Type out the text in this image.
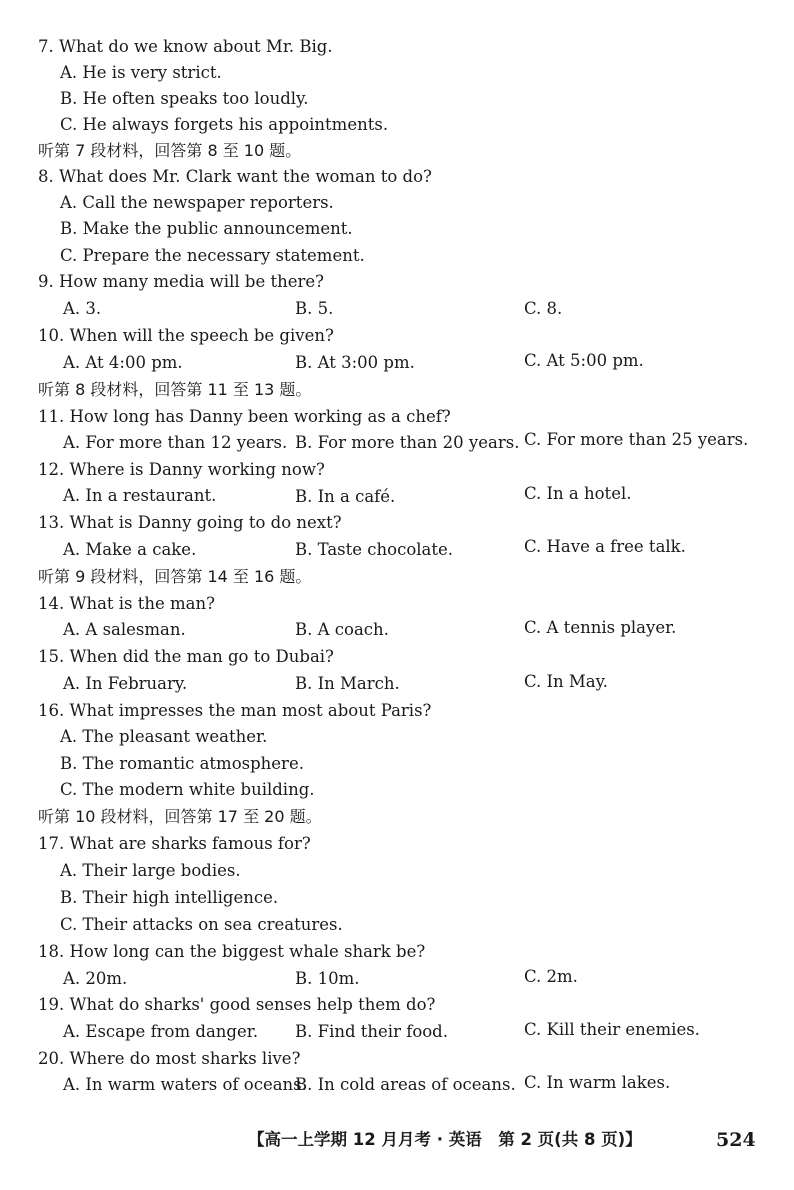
7. What do we know about Mr. Big.
A. He is very strict.
B. He often speaks too loudly.
C. He always forgets his appointments.
听第 7 段材料，回答第 8 至 10 题。
8. What does Mr. Clark want the woman to do?
A. Call the newspaper reporters.
B. Make the public announcement.
C. Prepare the necessary statement.
9. How many media will be there?
A. 3.	B. 5.	C. 8.
10. When will the speech be given?
A. At 4:00 pm.	B. At 3:00 pm.	C. At 5:00 pm.
听第 8 段材料，回答第 11 至 13 题。
11. How long has Danny been working as a chef?
A. For more than 12 years. B. For more than 20 years. C. For more than 25 years.
12. Where is Danny working now?
A. In a restaurant.	B. In a café.	C. In a hotel.
13. What is Danny going to do next?
A. Make a cake.	B. Taste chocolate.	C. Have a free talk.
听第 9 段材料，回答第 14 至 16 题。
14. What is the man?
A. A salesman.	B. A coach.	C. A tennis player.
15. When did the man go to Dubai?
A. In February.	B. In March.	C. In May.
16. What impresses the man most about Paris?
A. The pleasant weather.
B. The romantic atmosphere.
C. The modern white building.
听第 10 段材料，回答第 17 至 20 题。
17. What are sharks famous for?
A. Their large bodies.
B. Their high intelligence.
C. Their attacks on sea creatures.
18. How long can the biggest whale shark be?
A. 20m.	B. 10m.	C. 2m.
19. What do sharks' good senses help them do?
A. Escape from danger. B. Find their food.	C. Kill their enemies.
20. Where do most sharks live?
A. In warm waters of oceans.
B. In cold areas of oceans. C. In warm lakes.
【高一上学期 12 月月考 · 英语　第 2 页(共 8 页)】	524
